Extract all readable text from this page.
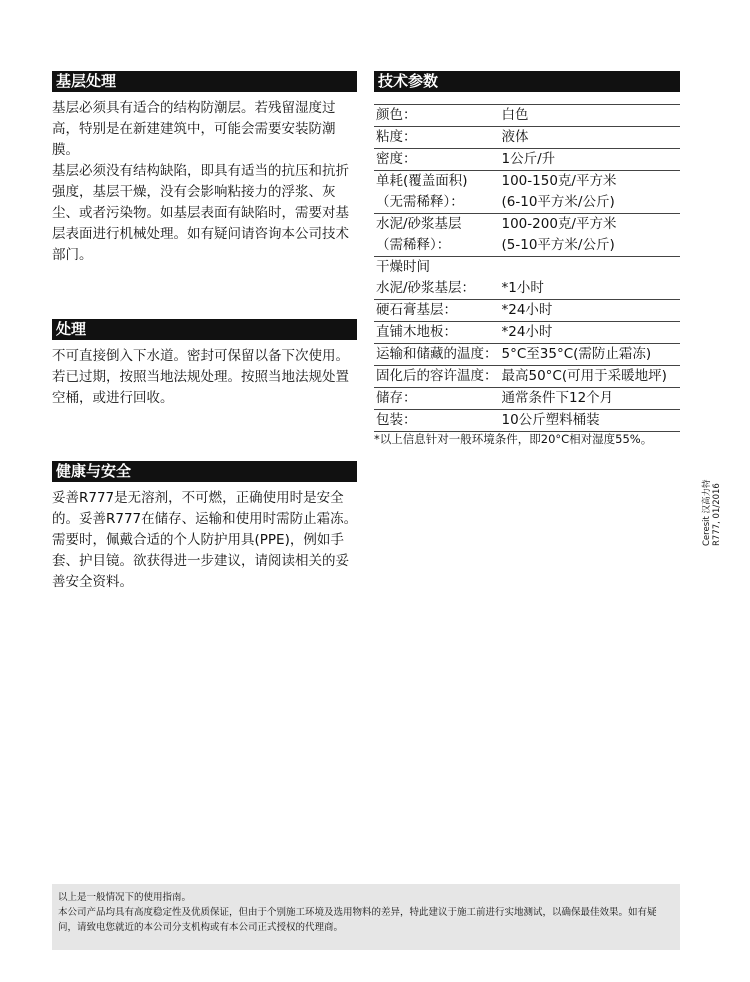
基层处理

基层必须具有适合的结构防潮层。若残留湿度过高，特别是在新建建筑中，可能会需要安装防潮膜。

基层必须没有结构缺陷，即具有适当的抗压和抗折强度，基层干燥，没有会影响粘接力的浮浆、灰尘、或者污染物。如基层表面有缺陷时，需要对基层表面进行机械处理。如有疑问请咨询本公司技术部门。

处理

不可直接倒入下水道。密封可保留以备下次使用。若已过期，按照当地法规处理。按照当地法规处置空桶，或进行回收。

健康与安全

妥善R777是无溶剂，不可燃，正确使用时是安全的。妥善R777在储存、运输和使用时需防止霜冻。需要时，佩戴合适的个人防护用具(PPE)，例如手套、护目镜。欲获得进一步建议，请阅读相关的妥善安全资料。

技术参数
颜色：	白色
粘度：	液体
密度：	1公斤/升
单耗(覆盖面积)	100-150克/平方米
（无需稀释）：	(6-10平方米/公斤)
水泥/砂浆基层	100-200克/平方米
（需稀释）：	(5-10平方米/公斤)
干燥时间	
水泥/砂浆基层：	*1小时
硬石膏基层：	*24小时
直铺木地板：	*24小时
运输和储藏的温度：	5°C至35°C(需防止霜冻)
固化后的容许温度：	最高50°C(可用于采暖地坪)
储存：	通常条件下12个月
包装：	10公斤塑料桶装
*以上信息针对一般环境条件，即20°C相对湿度55%。
Ceresit 汉高力特 R777, 01/2016
以上是一般情况下的使用指南。
本公司产品均具有高度稳定性及优质保证，但由于个别施工环境及选用物料的差异，特此建议于施工前进行实地测试，以确保最佳效果。如有疑问，请致电您就近的本公司分支机构或有本公司正式授权的代理商。
